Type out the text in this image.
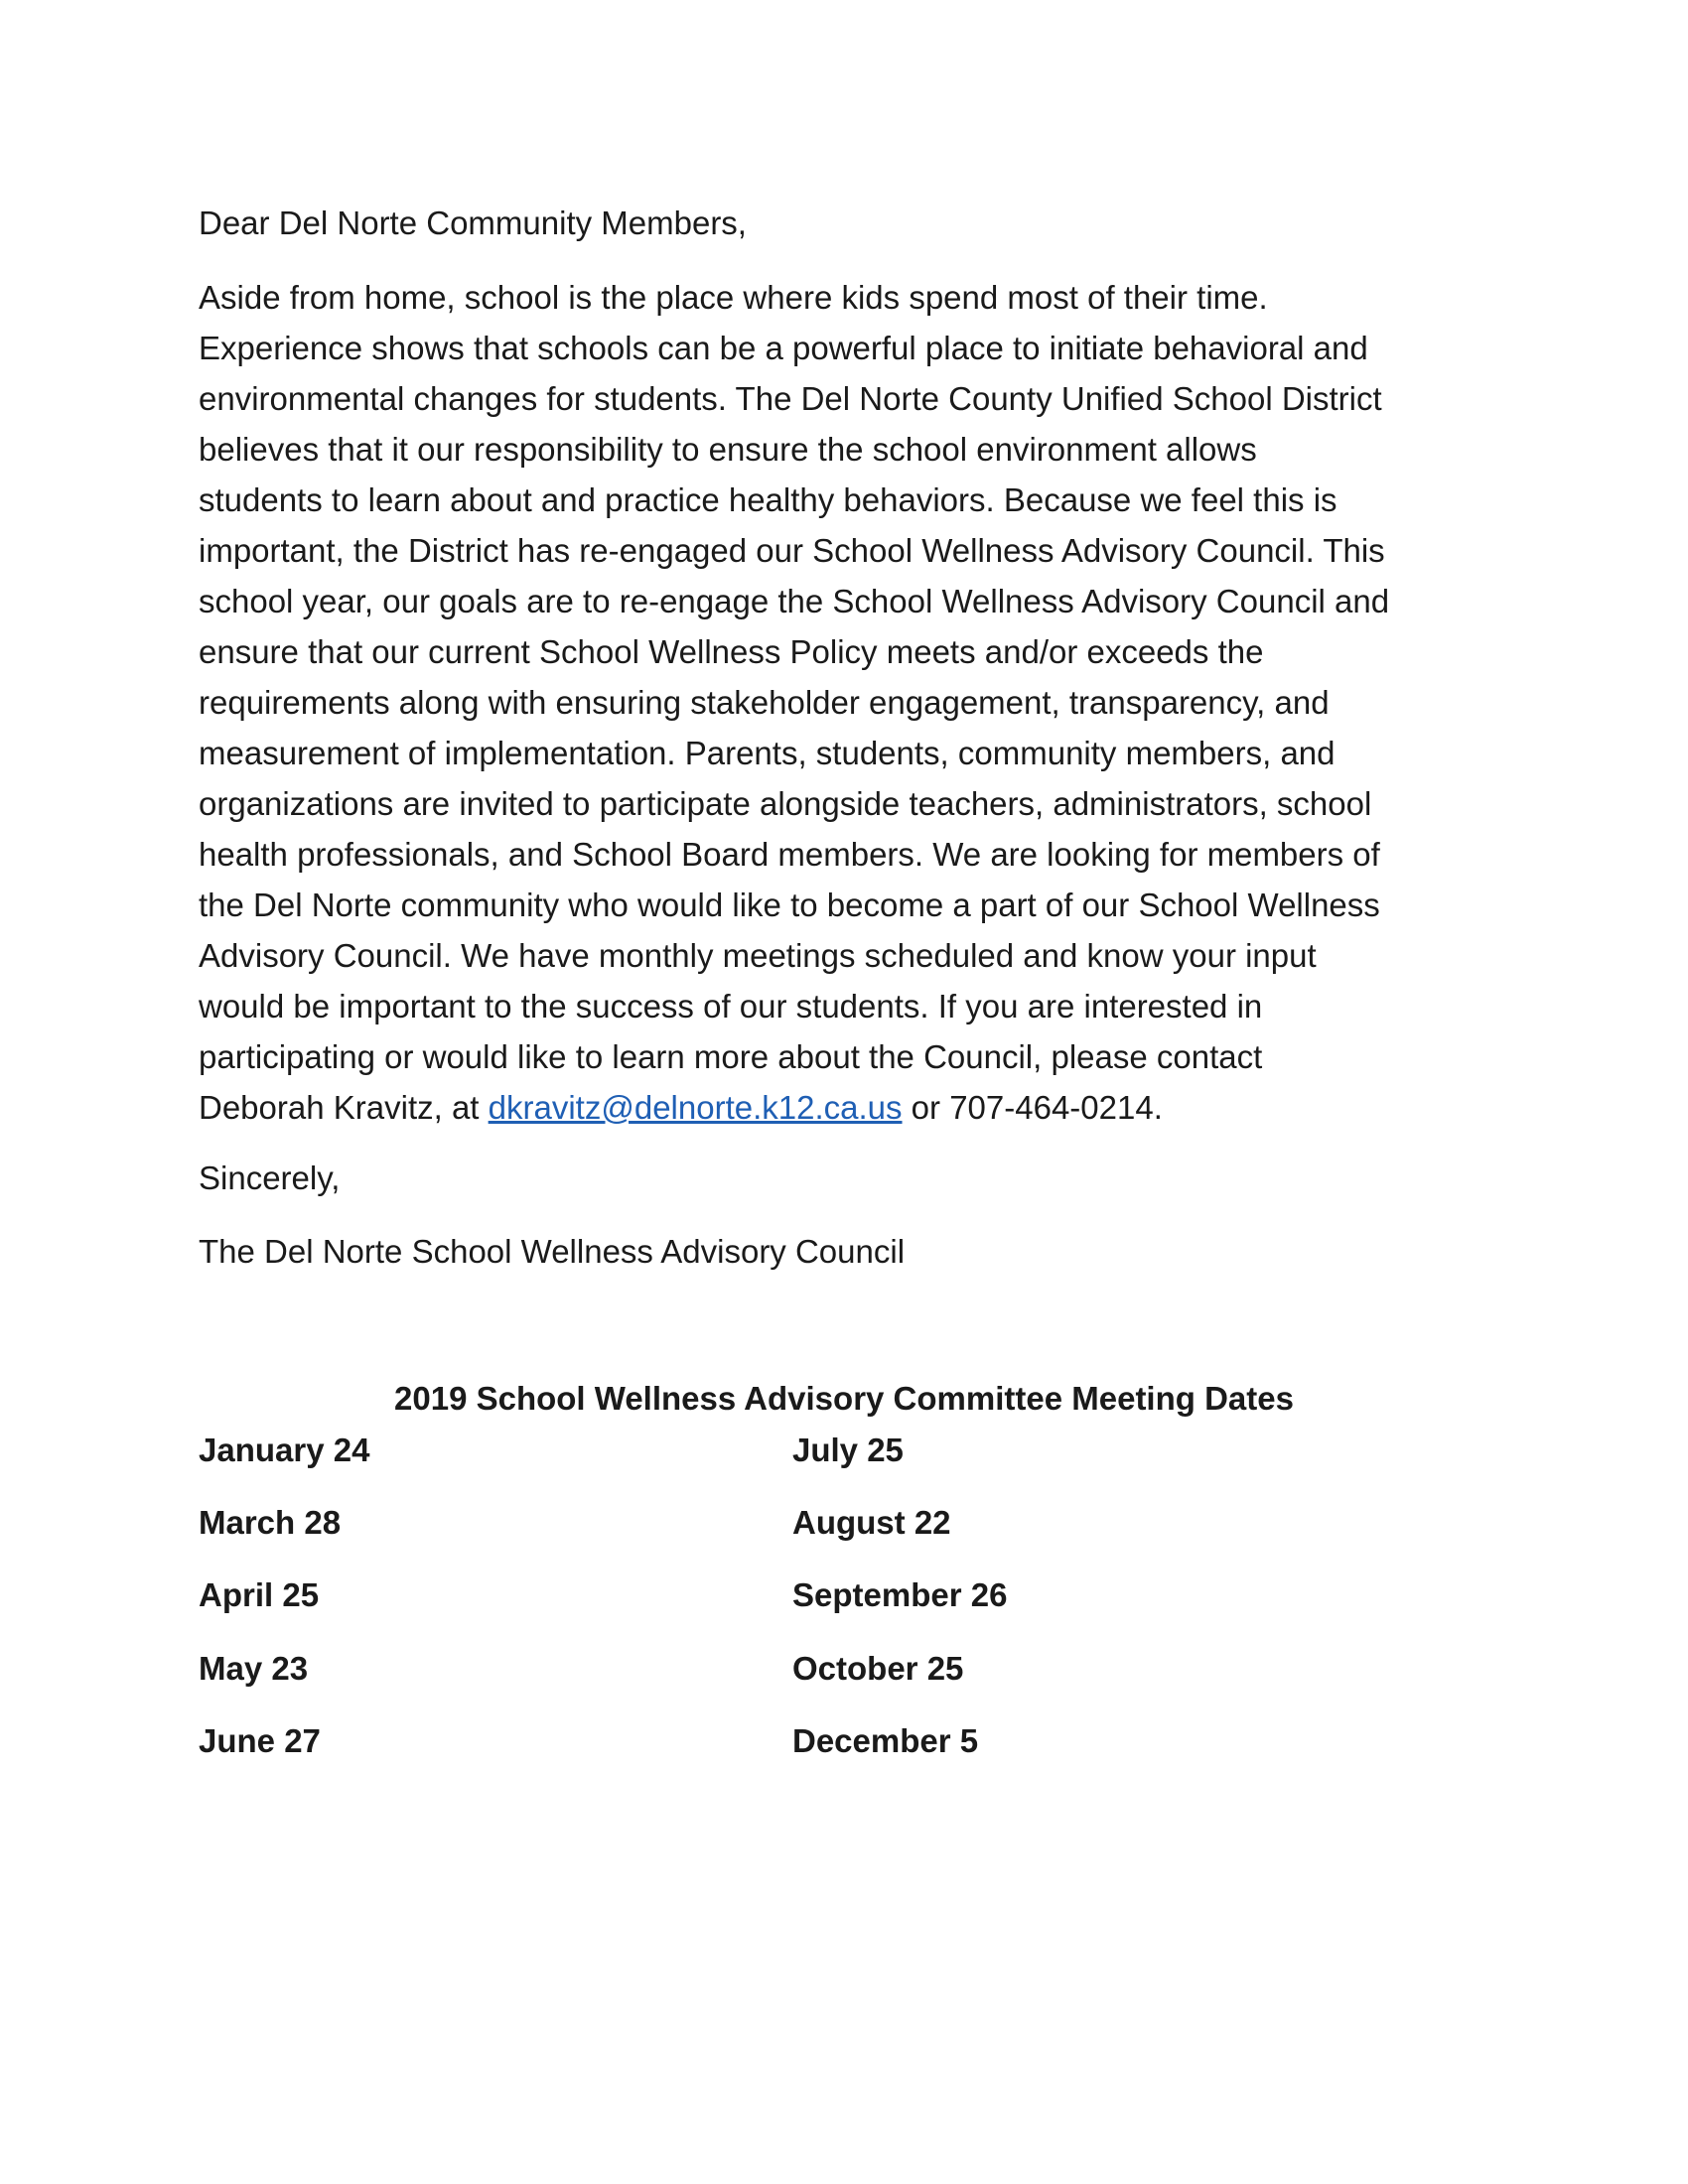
Dear Del Norte Community Members,

Aside from home, school is the place where kids spend most of their time.
Experience shows that schools can be a powerful place to initiate behavioral and
environmental changes for students. The Del Norte County Unified School District
believes that it our responsibility to ensure the school environment allows
students to learn about and practice healthy behaviors. Because we feel this is
important, the District has re-engaged our School Wellness Advisory Council. This
school year, our goals are to re-engage the School Wellness Advisory Council and
ensure that our current School Wellness Policy meets and/or exceeds the
requirements along with ensuring stakeholder engagement, transparency, and
measurement of implementation. Parents, students, community members, and
organizations are invited to participate alongside teachers, administrators, school
health professionals, and School Board members. We are looking for members of
the Del Norte community who would like to become a part of our School Wellness
Advisory Council. We have monthly meetings scheduled and know your input
would be important to the success of our students. If you are interested in
participating or would like to learn more about the Council, please contact
Deborah Kravitz, at dkravitz@delnorte.k12.ca.us or 707-464-0214.

Sincerely,

The Del Norte School Wellness Advisory Council

2019 School Wellness Advisory Committee Meeting Dates

January 24
March 28
April 25
May 23
June 27
July 25
August 22
September 26
October 25
December 5
